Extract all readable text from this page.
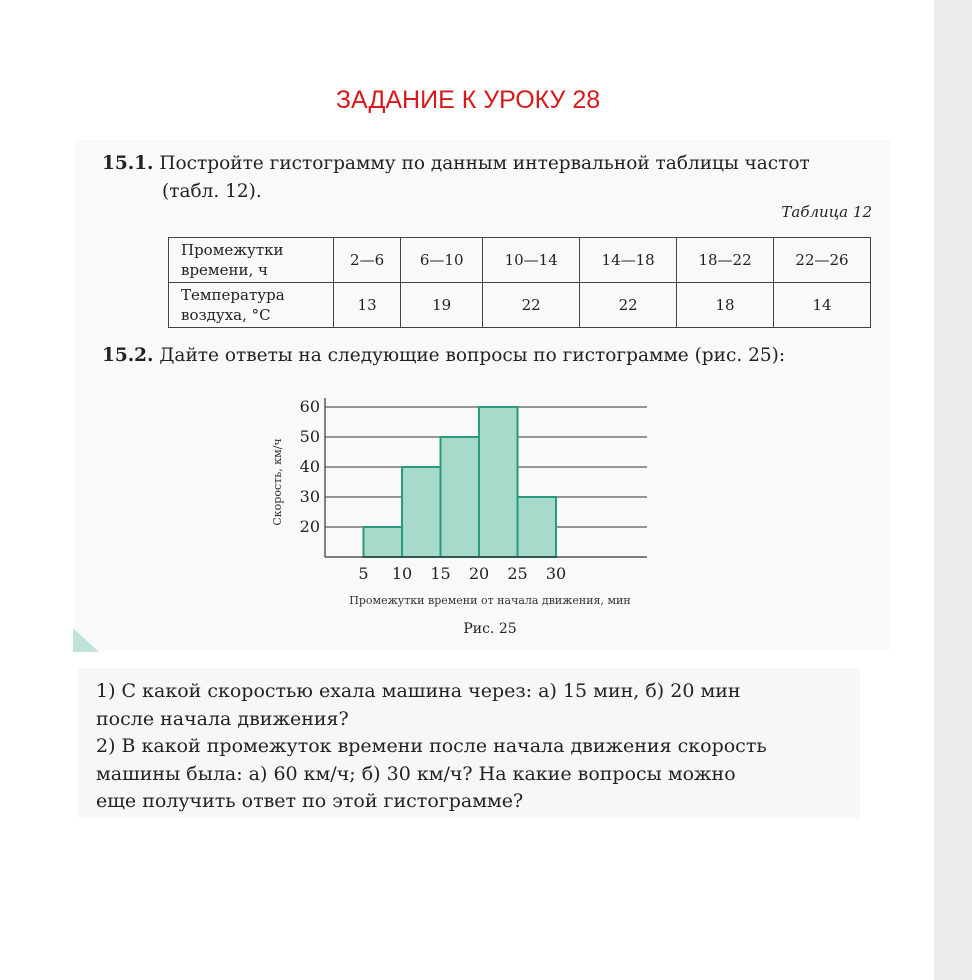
ЗАДАНИЕ К УРОКУ 28
15.1. Постройте гистограмму по данным интервальной таблицы частот
(табл. 12).
Таблица 12
Промежутки
времени, ч	2—6	6—10	10—14	14—18	18—22	22—26

Температура
воздуха, °С	13	19	22	22	18	14
15.2. Дайте ответы на следующие вопросы по гистограмме (рис. 25):
20
30
40
50
60
5 10 15 20 25 30
Промежутки времени от начала движения, мин
Скорость, км/ч
Рис. 25
1) С какой скоростью ехала машина через: а) 15 мин, б) 20 мин
после начала движения?
2) В какой промежуток времени после начала движения скорость
машины была: а) 60 км/ч; б) 30 км/ч? На какие вопросы можно
еще получить ответ по этой гистограмме?
